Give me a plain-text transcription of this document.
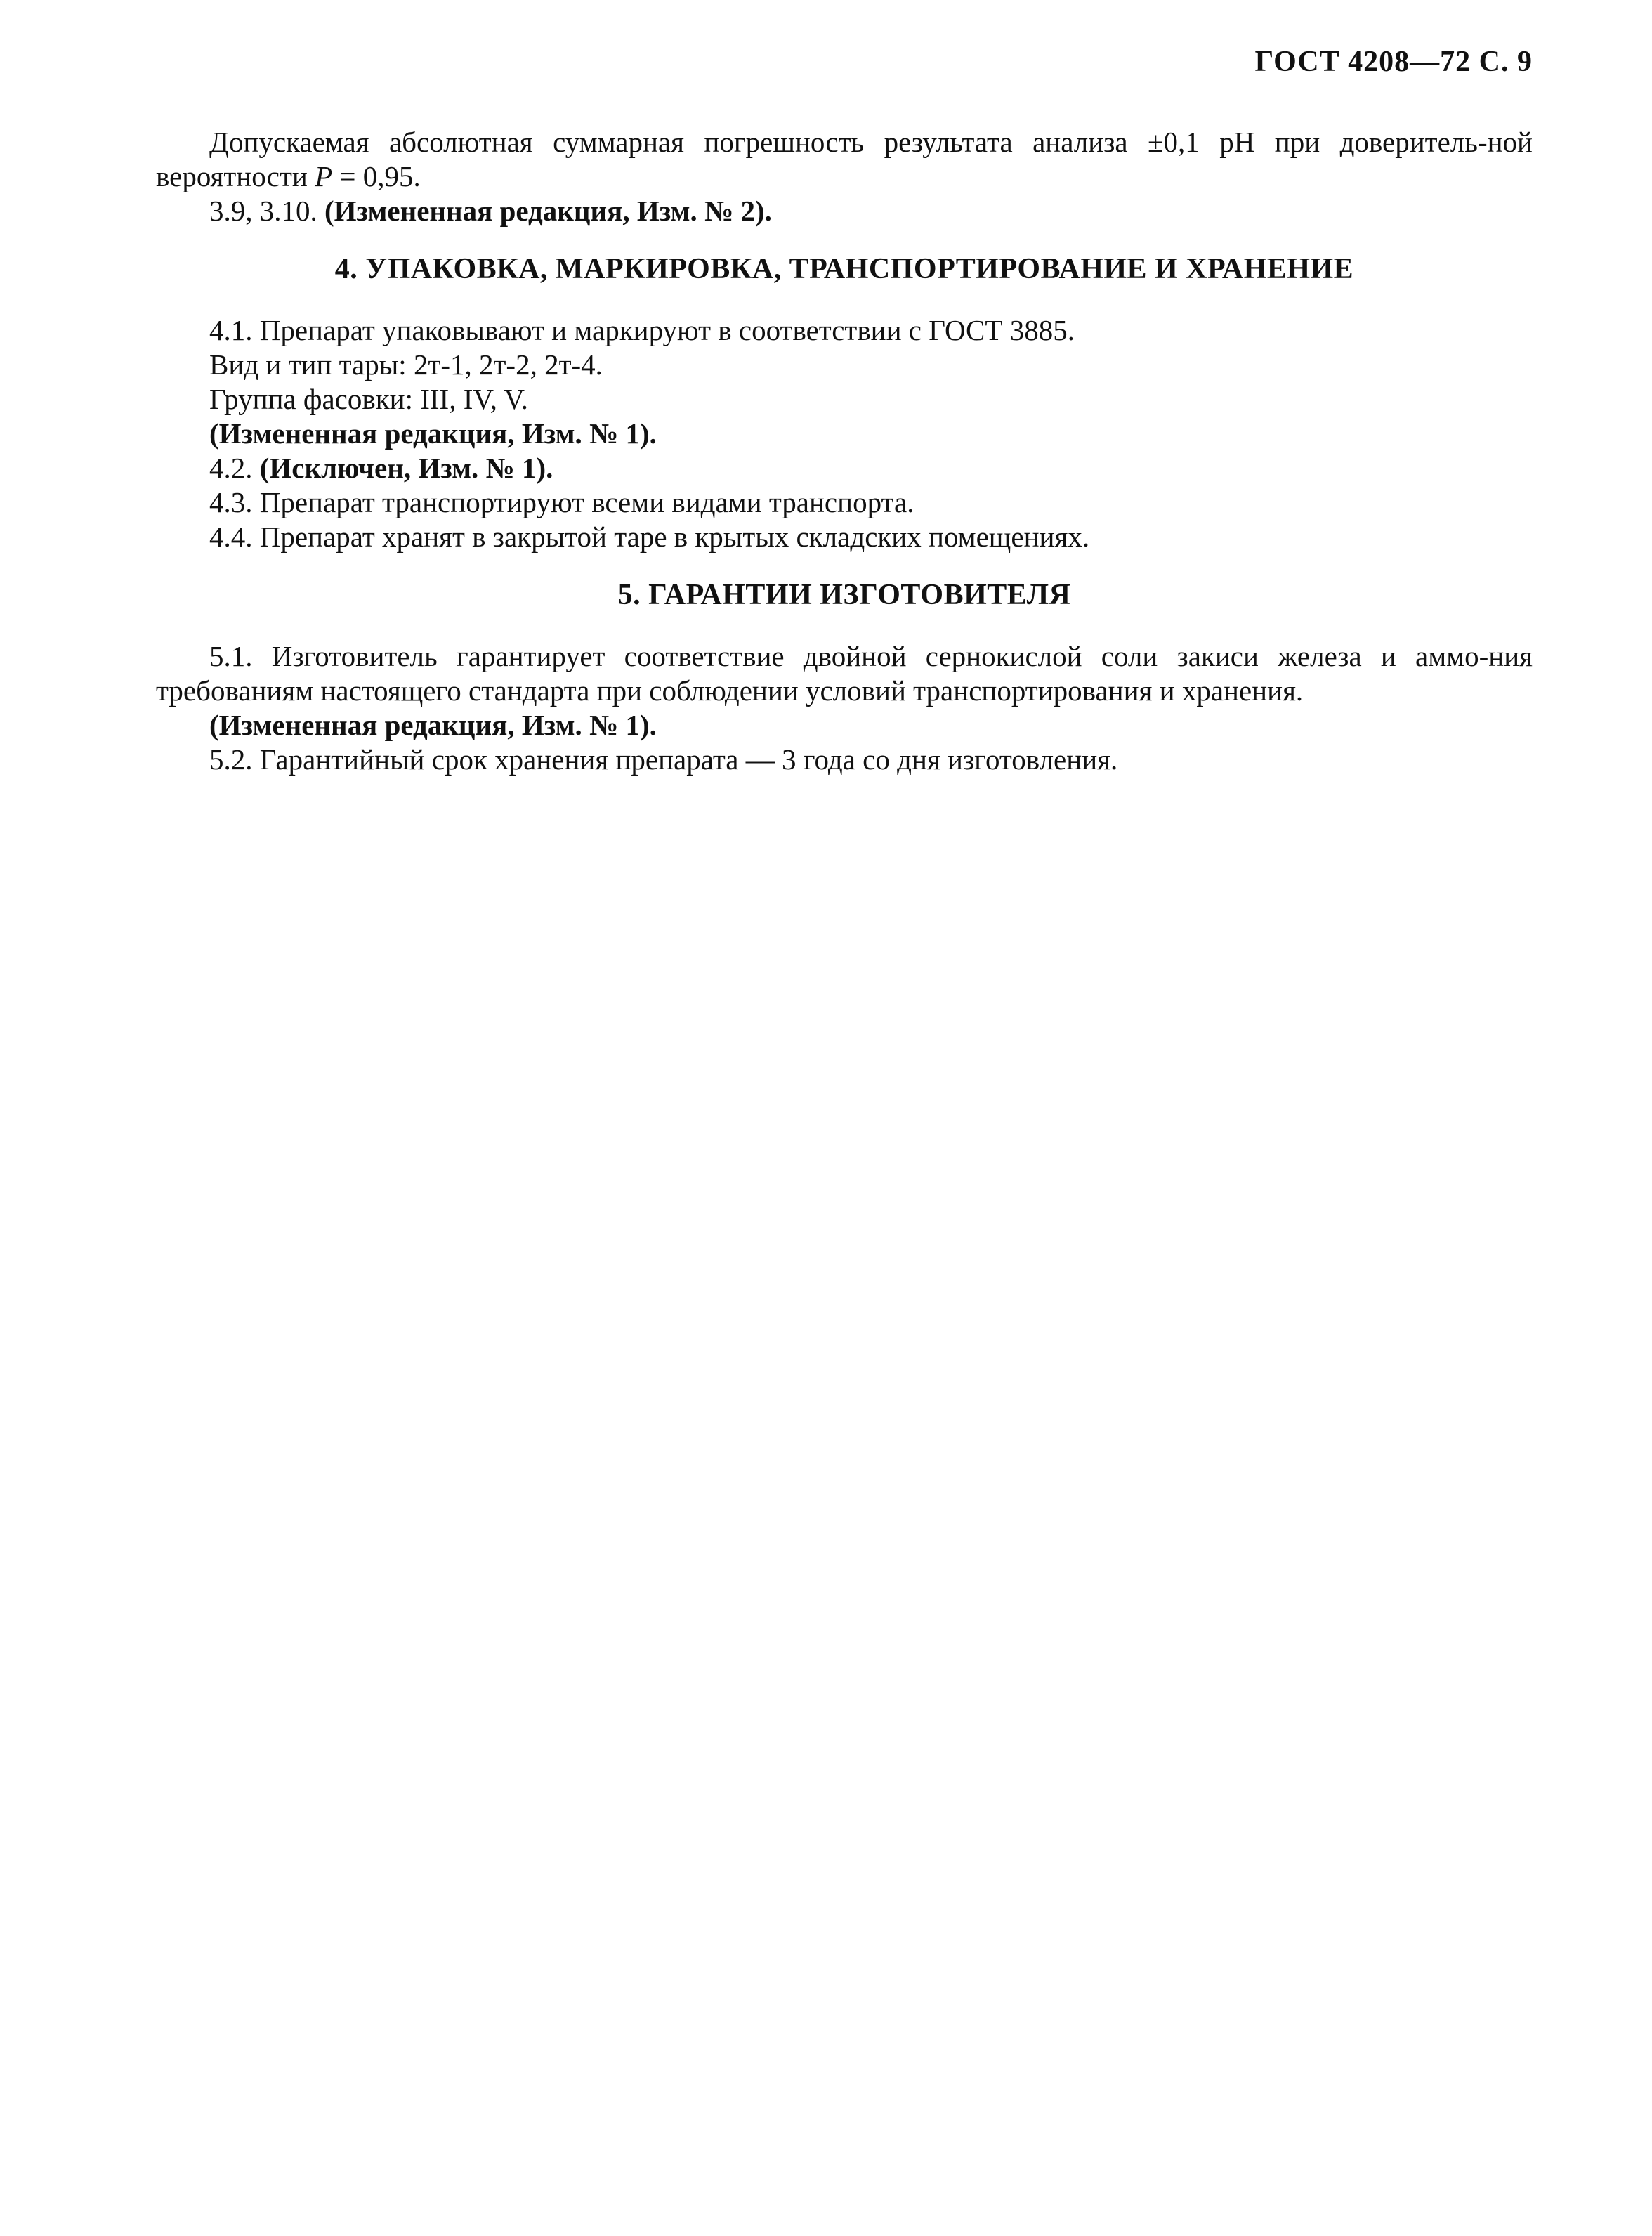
ГОСТ 4208—72 С. 9

Допускаемая абсолютная суммарная погрешность результата анализа ±0,1 рН при доверитель-ной вероятности P = 0,95.

3.9, 3.10. (Измененная редакция, Изм. № 2).

4. УПАКОВКА, МАРКИРОВКА, ТРАНСПОРТИРОВАНИЕ И ХРАНЕНИЕ

4.1. Препарат упаковывают и маркируют в соответствии с ГОСТ 3885.

Вид и тип тары: 2т-1, 2т-2, 2т-4.

Группа фасовки: III, IV, V.

(Измененная редакция, Изм. № 1).

4.2. (Исключен, Изм. № 1).

4.3. Препарат транспортируют всеми видами транспорта.

4.4. Препарат хранят в закрытой таре в крытых складских помещениях.

5. ГАРАНТИИ ИЗГОТОВИТЕЛЯ

5.1. Изготовитель гарантирует соответствие двойной сернокислой соли закиси железа и аммо-ния требованиям настоящего стандарта при соблюдении условий транспортирования и хранения.

(Измененная редакция, Изм. № 1).

5.2. Гарантийный срок хранения препарата — 3 года со дня изготовления.
